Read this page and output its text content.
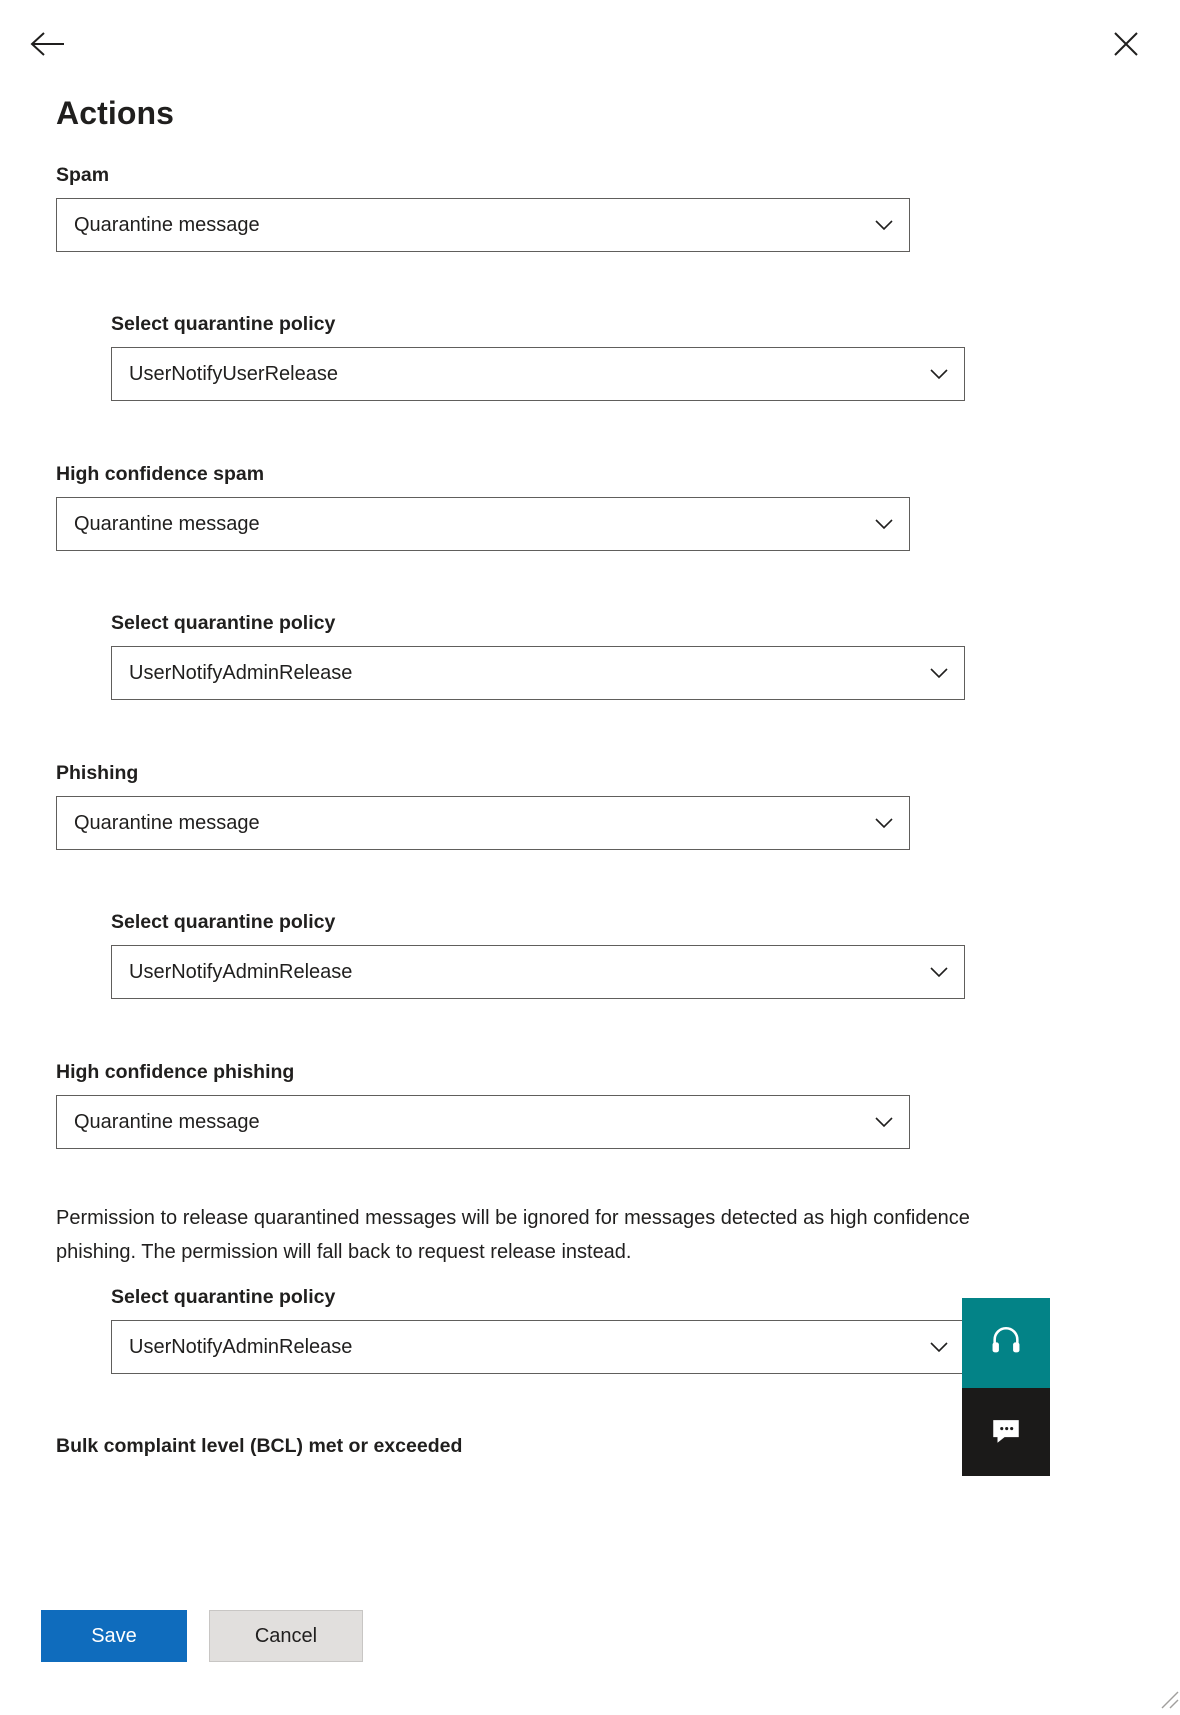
Actions
Spam
Quarantine message
Select quarantine policy
UserNotifyUserRelease
High confidence spam
Quarantine message
Select quarantine policy
UserNotifyAdminRelease
Phishing
Quarantine message
Select quarantine policy
UserNotifyAdminRelease
High confidence phishing
Quarantine message
Permission to release quarantined messages will be ignored for messages detected as high confidence phishing. The permission will fall back to request release instead.
Select quarantine policy
UserNotifyAdminRelease
Bulk complaint level (BCL) met or exceeded
Save	Cancel
